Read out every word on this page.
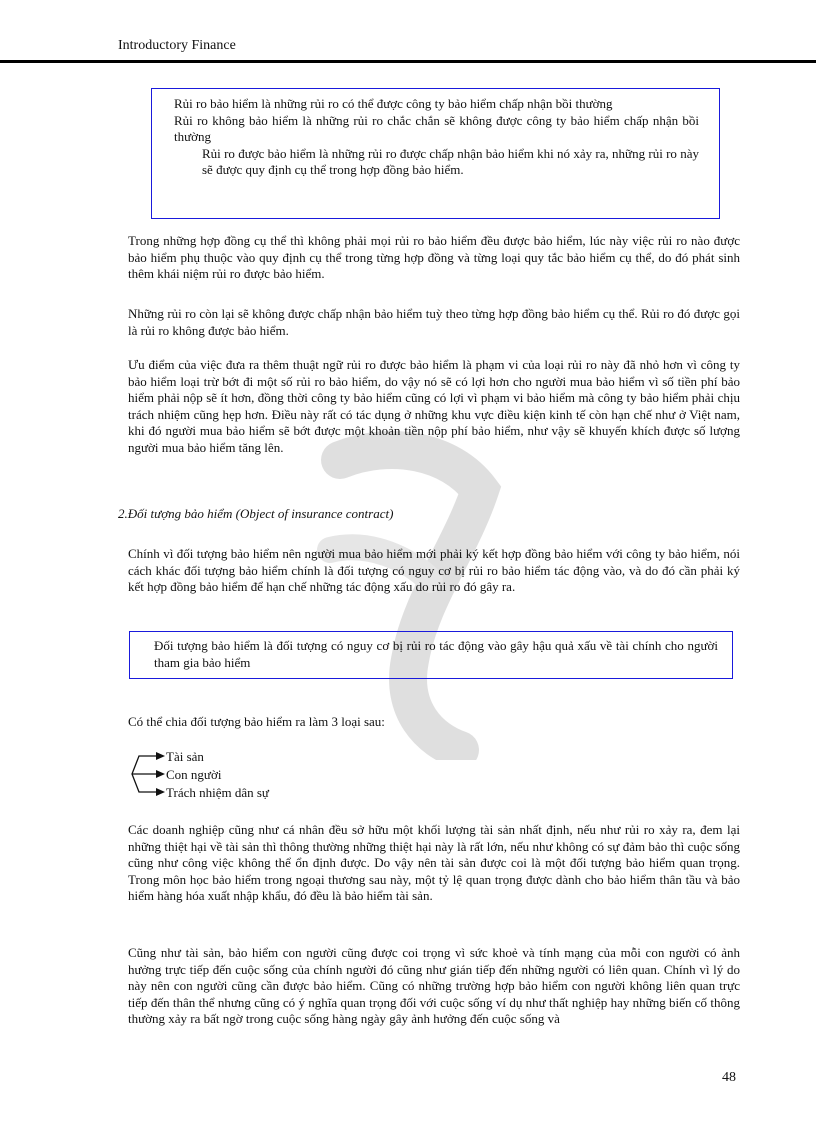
Introductory Finance

Rủi ro bảo hiểm là những rủi ro có thể được công ty bảo hiểm chấp nhận bồi thường

Rủi ro không bảo hiểm là những rủi ro chắc chắn sẽ không được công ty bảo hiểm chấp nhận bồi thường

Rủi ro được bảo hiểm là những rủi ro được chấp nhận bảo hiểm khi nó xảy ra, những rủi ro này sẽ được quy định cụ thể trong hợp đồng bảo hiểm.

Trong những hợp đồng cụ thể thì không phải mọi rủi ro bảo hiểm đều được bảo hiểm, lúc này việc rủi ro nào được bảo hiểm phụ thuộc vào quy định cụ thể trong từng hợp đồng và từng loại quy tắc bảo hiểm cụ thể, do đó phát sinh thêm khái niệm rủi ro được bảo hiểm.

Những rủi ro còn lại sẽ không được chấp nhận bảo hiểm tuỳ theo từng hợp đồng bảo hiểm cụ thể. Rủi ro đó được gọi là rủi ro không được bảo hiểm.

Ưu điểm của việc đưa ra thêm thuật ngữ rủi ro được bảo hiểm là phạm vi của loại rủi ro này đã nhỏ hơn vì công ty bảo hiểm loại trừ bớt đi một số rủi ro bảo hiểm, do vậy nó sẽ có lợi hơn cho người mua bảo hiểm vì số tiền phí bảo hiểm phải nộp sẽ ít hơn, đồng thời công ty bảo hiểm cũng có lợi vì phạm vi bảo hiểm mà công ty bảo hiểm phải chịu trách nhiệm cũng hẹp hơn. Điều này rất có tác dụng ở những khu vực điều kiện kinh tế còn hạn chế như ở Việt nam, khi đó người mua bảo hiểm sẽ bớt được một khoản tiền nộp phí bảo hiểm, như vậy sẽ khuyến khích được số lượng người mua bảo hiểm tăng lên.

2.Đối tượng bảo hiểm (Object of insurance contract)

Chính vì đối tượng bảo hiểm nên người mua bảo hiểm mới phải ký kết hợp đồng bảo hiểm với công ty bảo hiểm, nói cách khác đối tượng bảo hiểm chính là đối tượng có nguy cơ bị rủi ro bảo hiểm tác động vào, và do đó cần phải ký kết hợp đồng bảo hiểm để hạn chế những tác động xấu do rủi ro đó gây ra.

Đối tượng bảo hiểm là đối tượng có nguy cơ bị rủi ro tác động vào gây hậu quả xấu về tài chính cho người tham gia bảo hiểm

Có thể chia đối tượng bảo hiểm ra làm 3 loại sau:

Tài sản
Con người
Trách nhiệm dân sự

Các doanh nghiệp cũng như cá nhân đều sở hữu một khối lượng tài sản nhất định, nếu như rủi ro xảy ra, đem lại những thiệt hại về tài sản thì thông thường những thiệt hại này là rất lớn, nếu như không có sự đảm bảo thì cuộc sống cũng như công việc không thể ổn định được. Do vậy nên tài sản được coi là một đối tượng bảo hiểm quan trọng. Trong môn học bảo hiểm trong ngoại thương sau này, một tỷ lệ quan trọng được dành cho bảo hiểm thân tầu và bảo hiểm hàng hóa xuất nhập khẩu, đó đều là bảo hiểm tài sản.

Cũng như tài sản, bảo hiểm con người cũng được coi trọng vì sức khoẻ và tính mạng của mỗi con người có ảnh hưởng trực tiếp đến cuộc sống của chính người đó cũng như gián tiếp đến những người có liên quan. Chính vì lý do này nên con người cũng cần được bảo hiểm. Cũng có những trường hợp bảo hiểm con người không liên quan trực tiếp đến thân thể nhưng cũng có ý nghĩa quan trọng đối với cuộc sống ví dụ như thất nghiệp hay những biến cố thông thường xảy ra bất ngờ trong cuộc sống hàng ngày gây ảnh hưởng đến cuộc sống và

48
